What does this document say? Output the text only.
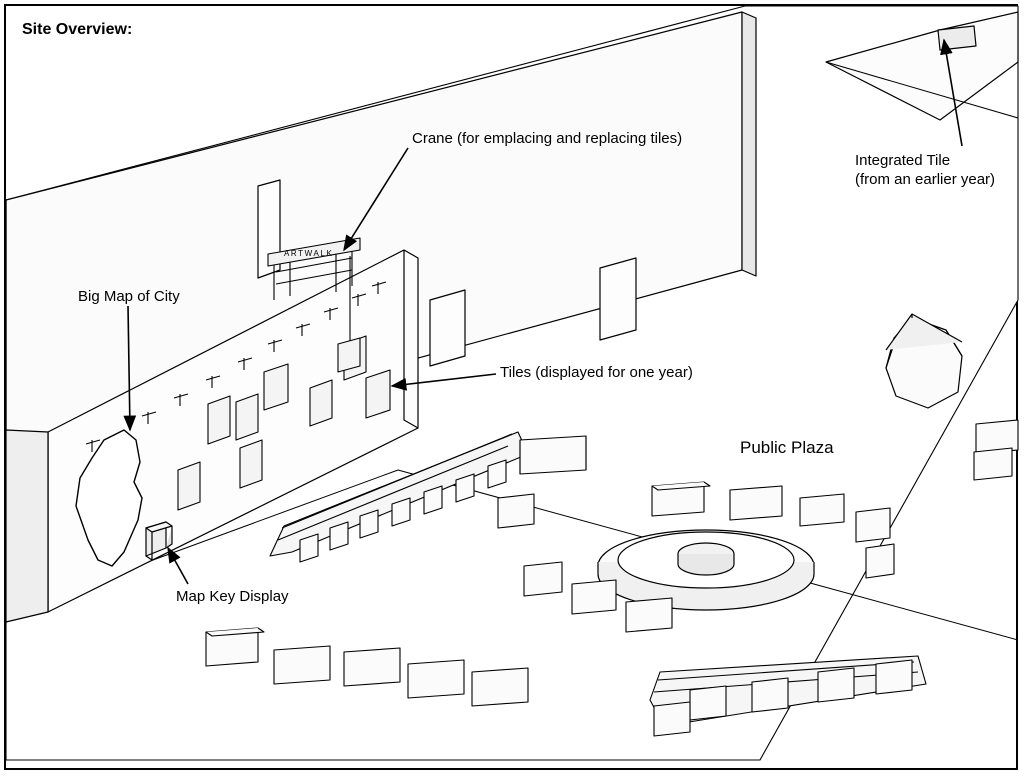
ARTWALK
Site Overview:
Crane (for emplacing and replacing tiles)
Tiles (displayed for one year)
Big Map of City
Map Key Display
Public Plaza
Integrated Tile
(from an earlier year)
